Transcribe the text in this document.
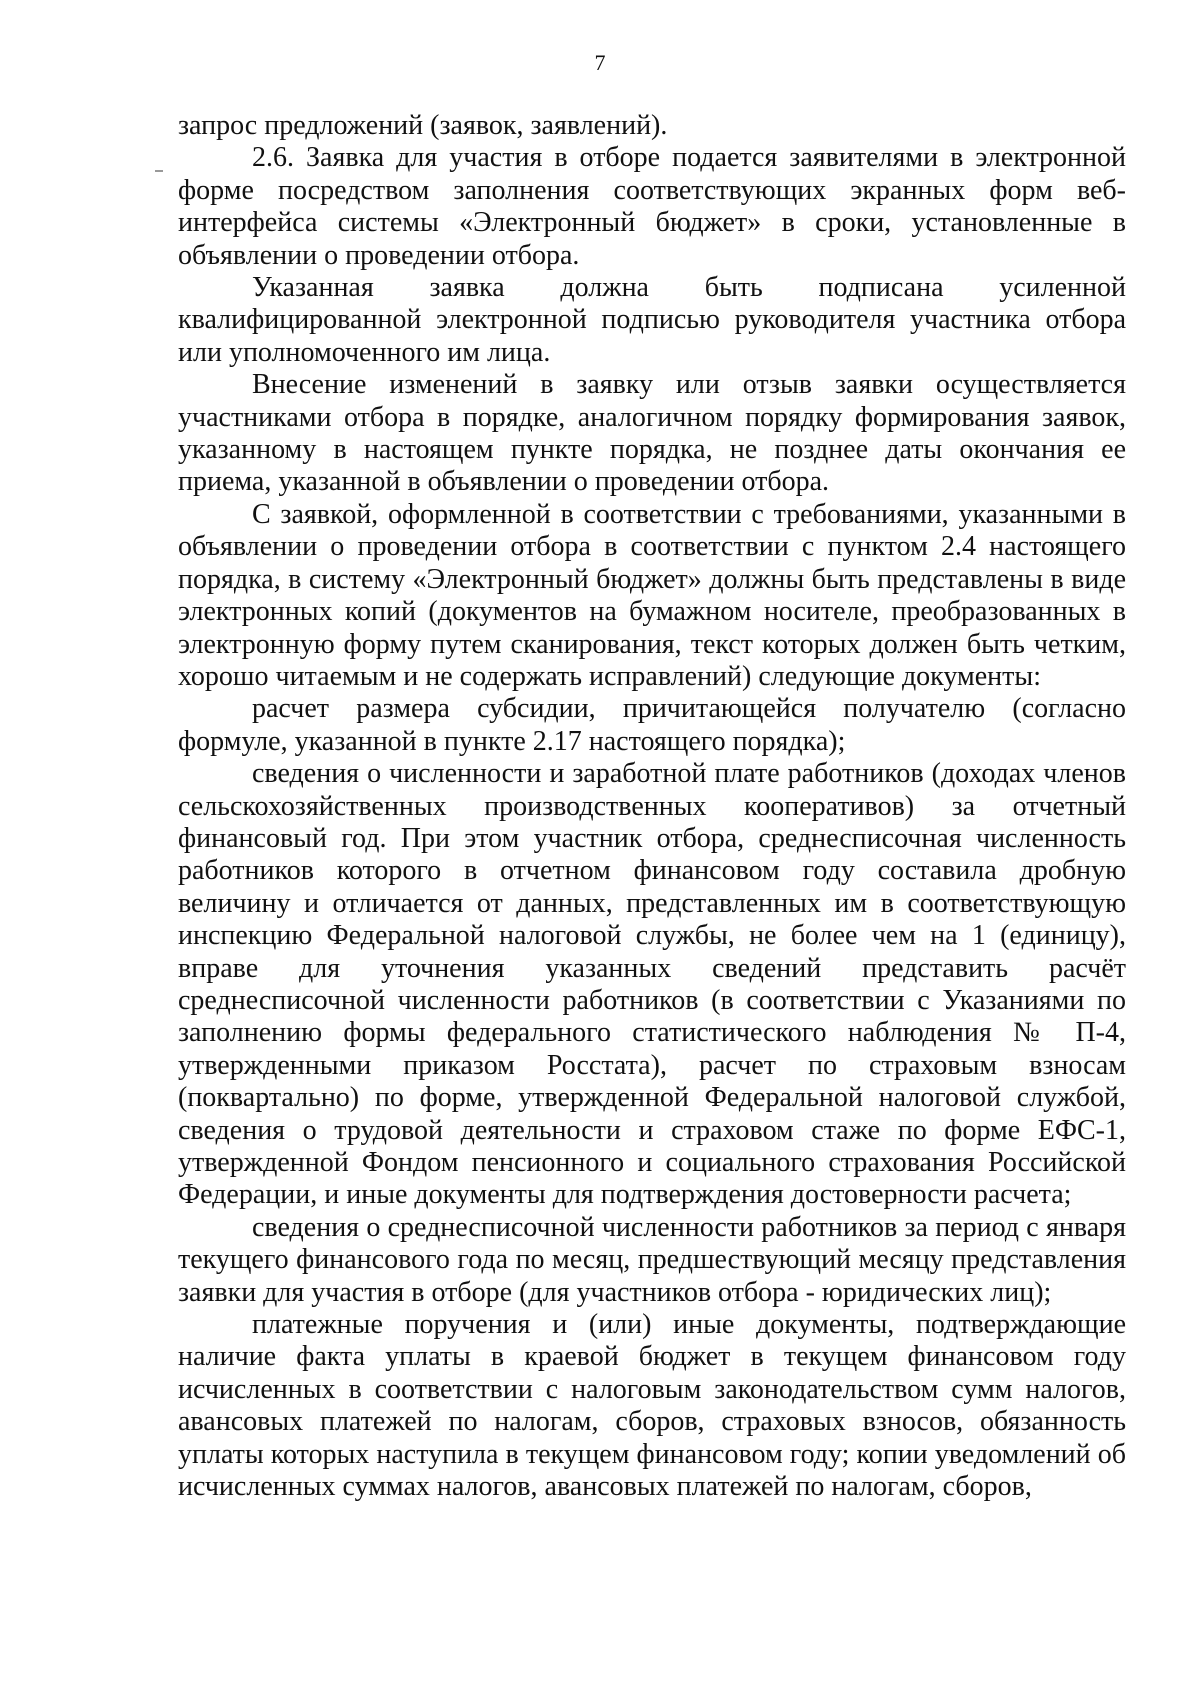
7

запрос предложений (заявок, заявлений).

2.6. Заявка для участия в отборе подается заявителями в электронной форме посредством заполнения соответствующих экранных форм веб-интерфейса системы «Электронный бюджет» в сроки, установленные в объявлении о проведении отбора.

Указанная заявка должна быть подписана усиленной квалифицированной электронной подписью руководителя участника отбора или уполномоченного им лица.

Внесение изменений в заявку или отзыв заявки осуществляется участниками отбора в порядке, аналогичном порядку формирования заявок, указанному в настоящем пункте порядка, не позднее даты окончания ее приема, указанной в объявлении о проведении отбора.

С заявкой, оформленной в соответствии с требованиями, указанными в объявлении о проведении отбора в соответствии с пунктом 2.4 настоящего порядка, в систему «Электронный бюджет» должны быть представлены в виде электронных копий (документов на бумажном носителе, преобразованных в электронную форму путем сканирования, текст которых должен быть четким, хорошо читаемым и не содержать исправлений) следующие документы:

расчет размера субсидии, причитающейся получателю (согласно формуле, указанной в пункте 2.17 настоящего порядка);

сведения о численности и заработной плате работников (доходах членов сельскохозяйственных производственных кооперативов) за отчетный финансовый год. При этом участник отбора, среднесписочная численность работников которого в отчетном финансовом году составила дробную величину и отличается от данных, представленных им в соответствующую инспекцию Федеральной налоговой службы, не более чем на 1 (единицу), вправе для уточнения указанных сведений представить расчёт среднесписочной численности работников (в соответствии с Указаниями по заполнению формы федерального статистического наблюдения № П-4, утвержденными приказом Росстата), расчет по страховым взносам (поквартально) по форме, утвержденной Федеральной налоговой службой, сведения о трудовой деятельности и страховом стаже по форме ЕФС-1, утвержденной Фондом пенсионного и социального страхования Российской Федерации, и иные документы для подтверждения достоверности расчета;

сведения о среднесписочной численности работников за период с января текущего финансового года по месяц, предшествующий месяцу представления заявки для участия в отборе (для участников отбора - юридических лиц);

платежные поручения и (или) иные документы, подтверждающие наличие факта уплаты в краевой бюджет в текущем финансовом году исчисленных в соответствии с налоговым законодательством сумм налогов, авансовых платежей по налогам, сборов, страховых взносов, обязанность уплаты которых наступила в текущем финансовом году; копии уведомлений об исчисленных суммах налогов, авансовых платежей по налогам, сборов,
